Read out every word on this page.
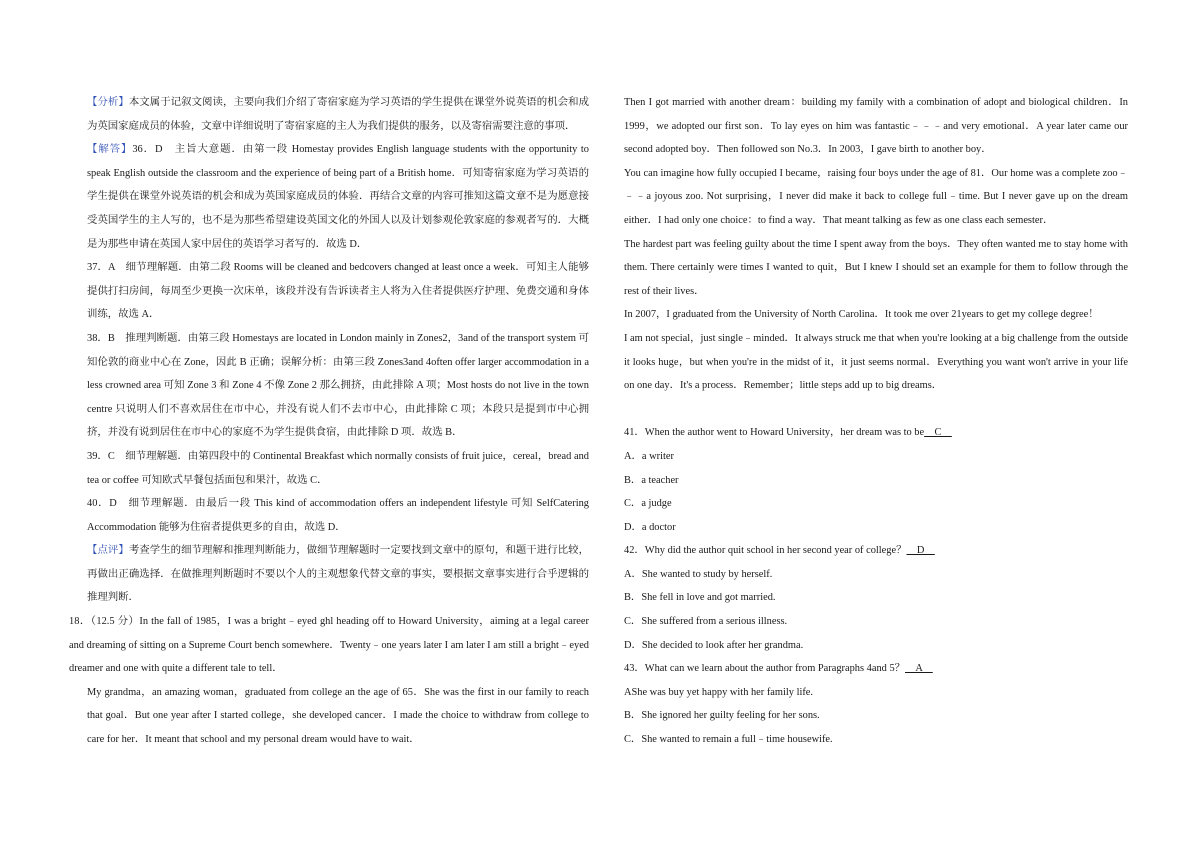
【分析】本文属于记叙文阅读，主要向我们介绍了寄宿家庭为学习英语的学生提供在课堂外说英语的机会和成为英国家庭成员的体验，文章中详细说明了寄宿家庭的主人为我们提供的服务，以及寄宿需要注意的事项．

【解答】36．D　主旨大意题．由第一段 Homestay provides English language students with the opportunity to speak English outside the classroom and the experience of being part of a British home．可知寄宿家庭为学习英语的学生提供在课堂外说英语的机会和成为英国家庭成员的体验．再结合文章的内容可推知这篇文章不是为愿意接受英国学生的主人写的，也不是为那些希望建设英国文化的外国人以及计划参观伦敦家庭的参观者写的．大概是为那些申请在英国人家中居住的英语学习者写的．故选 D．

37．A　细节理解题．由第二段 Rooms will be cleaned and bedcovers changed at least once a week．可知主人能够提供打扫房间，每周至少更换一次床单，该段并没有告诉读者主人将为入住者提供医疗护理、免费交通和身体训练，故选 A．

38．B　推理判断题．由第三段 Homestays are located in London mainly in Zones2，3and of the transport system 可知伦敦的商业中心在 Zone，因此 B 正确；误解分析：由第三段 Zones3and 4often offer larger accommodation in a less crowned area 可知 Zone 3 和 Zone 4 不像 Zone 2 那么拥挤，由此排除 A 项；Most hosts do not live in the town centre 只说明人们不喜欢居住在市中心，并没有说人们不去市中心，由此排除 C 项；本段只是提到市中心拥挤，并没有说到居住在市中心的家庭不为学生提供食宿，由此排除 D 项．故选 B．

39．C　细节理解题．由第四段中的 Continental Breakfast which normally consists of fruit juice，cereal，bread and tea or coffee 可知欧式早餐包括面包和果汁，故选 C．

40．D　细节理解题．由最后一段 This kind of accommodation offers an independent lifestyle 可知 SelfCatering Accommodation 能够为住宿者提供更多的自由，故选 D．

【点评】考查学生的细节理解和推理判断能力，做细节理解题时一定要找到文章中的原句，和题干进行比较，再做出正确选择．在做推理判断题时不要以个人的主观想象代替文章的事实，要根据文章事实进行合乎逻辑的推理判断．

18．（12.5 分）In the fall of 1985，I was a bright﹣eyed ghl heading off to Howard University，aiming at a legal career and dreaming of sitting on a Supreme Court bench somewhere．Twenty﹣one years later I am later I am still a bright﹣eyed dreamer and one with quite a different tale to tell．

My grandma，an amazing woman，graduated from college an the age of 65．She was the first in our family to reach that goal．But one year after I started college，she developed cancer．I made the choice to withdraw from college to care for her．It meant that school and my personal dream would have to wait．

Then I got married with another dream：building my family with a combination of adopt and biological children．In 1999，we adopted our first son．To lay eyes on him was fantastic﹣﹣﹣and very emotional．A year later came our second adopted boy．Then followed son No.3．In 2003，I gave birth to another boy．

You can imagine how fully occupied I became，raising four boys under the age of 81．Our home was a complete zoo﹣﹣﹣a joyous zoo. Not surprising，I never did make it back to college full﹣time. But I never gave up on the dream either．I had only one choice：to find a way．That meant talking as few as one class each semester．

The hardest part was feeling guilty about the time I spent away from the boys．They often wanted me to stay home with them. There certainly were times I wanted to quit，But I knew I should set an example for them to follow through the rest of their lives．

In 2007，I graduated from the University of North Carolina．It took me over 21years to get my college degree！

I am not special，just single﹣minded．It always struck me that when you're looking at a big challenge from the outside it looks huge，but when you're in the midst of it，it just seems normal．Everything you want won't arrive in your life on one day．It's a process．Remember；little steps add up to big dreams．

41．When the author went to Howard University，her dream was to be　C　

A．a writer

B．a teacher

C．a judge

D．a doctor

42．Why did the author quit school in her second year of college？　D　

A．She wanted to study by herself.

B．She fell in love and got married.

C．She suffered from a serious illness.

D．She decided to look after her grandma.

43．What can we learn about the author from Paragraphs 4and 5？　A　

AShe was buy yet happy with her family life.

B．She ignored her guilty feeling for her sons.

C．She wanted to remain a full﹣time housewife.
